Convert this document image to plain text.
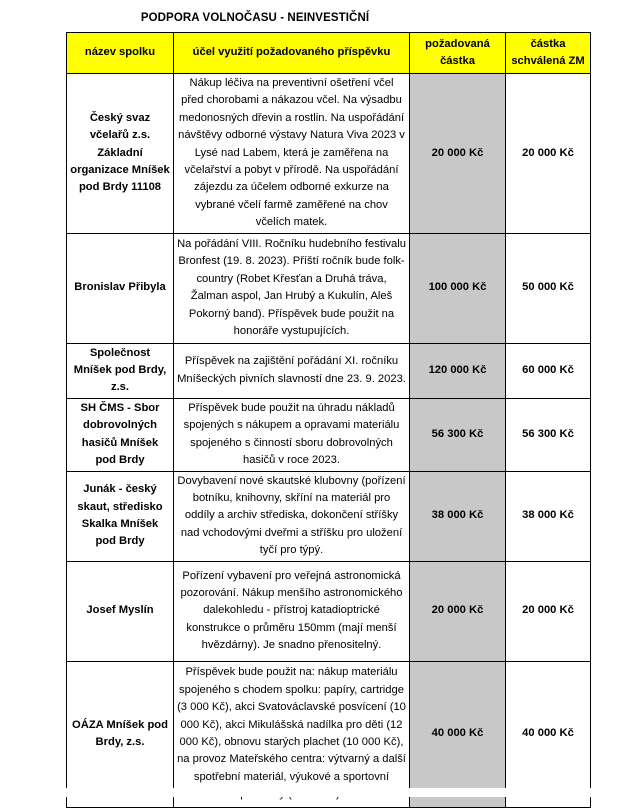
PODPORA VOLNOČASU - NEINVESTIČNÍ
název spolku	účel využití požadovaného příspěvku	požadovaná částka	částka schválená ZM
Český svaz včelařů z.s. Základní organizace Mníšek pod Brdy 11108	Nákup léčiva na preventivní ošetření včel před chorobami a nákazou včel. Na výsadbu medonosných dřevin a rostlin. Na uspořádání návštěvy odborné výstavy Natura Viva 2023 v Lysé nad Labem, která je zaměřena na včelařství a pobyt v přírodě. Na uspořádání zájezdu za účelem odborné exkurze na vybrané včelí farmě zaměřené na chov včelích matek.	20 000 Kč	20 000 Kč
Bronislav Přibyla	Na pořádání VIII. Ročníku hudebního festivalu Bronfest (19. 8. 2023). Příští ročník bude folk-country (Robet Křesťan a Druhá tráva, Žalman aspol, Jan Hrubý a Kukulín, Aleš Pokorný band). Příspěvek bude použit na honoráře vystupujících.	100 000 Kč	50 000 Kč
Společnost Mníšek pod Brdy, z.s.	Příspěvek na zajištění pořádání XI. ročníku Mníšeckých pivních slavností dne 23. 9. 2023.	120 000 Kč	60 000 Kč
SH ČMS - Sbor dobrovolných hasičů Mníšek pod Brdy	Příspěvek bude použit na úhradu nákladů spojených s nákupem a opravami materiálu spojeného s činností sboru dobrovolných hasičů v roce 2023.	56 300 Kč	56 300 Kč
Junák - český skaut, středisko Skalka Mníšek pod Brdy	Dovybavení nové skautské klubovny (pořízení botníku, knihovny, skříní na materiál pro oddíly a archiv střediska, dokončení stříšky nad vchodovými dveřmi a stříšku pro uložení tyčí pro týpý.	38 000 Kč	38 000 Kč
Josef Myslín	Pořízení vybavení pro veřejná astronomická pozorování. Nákup menšího astronomického dalekohledu - přístroj katadioptrické konstrukce o průměru 150mm (mají menší hvězdárny). Je snadno přenositelný.	20 000 Kč	20 000 Kč
OÁZA Mníšek pod Brdy, z.s.	Příspěvek bude použit na: nákup materiálu spojeného s chodem spolku: papíry, cartridge (3 000 Kč), akci Svatováclavské posvícení (10 000 Kč), akci Mikulášská nadílka pro děti (12 000 Kč), obnovu starých plachet (10 000 Kč), na provoz Mateřského centra: výtvarný a další spotřební materiál, výukové a sportovní	40 000 Kč	40 000 Kč
